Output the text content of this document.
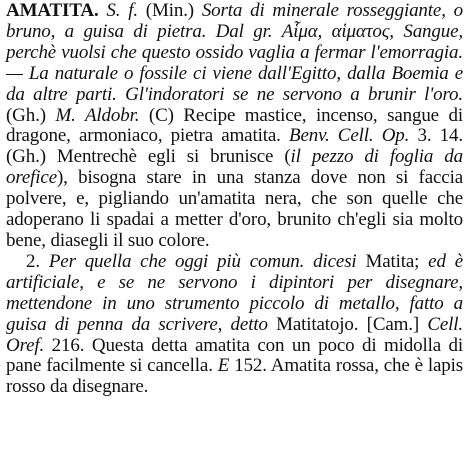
AMATITA. S. f. (Min.) Sorta di minerale rosseggiante, o bruno, a guisa di pietra. Dal gr. Αἷμα, αἱματος, Sangue, perchè vuolsi che questo ossido vaglia a fermar l'emorragia. — La naturale o fossile ci viene dall'Egitto, dalla Boemia e da altre parti. Gl'indoratori se ne servono a brunir l'oro. (Gh.) M. Aldobr. (C) Recipe mastice, incenso, sangue di dragone, armoniaco, pietra amatita. Benv. Cell. Op. 3. 14. (Gh.) Mentrechè egli si brunisce (il pezzo di foglia da orefice), bisogna stare in una stanza dove non si faccia polvere, e, pigliando un'amatita nera, che son quelle che adoperano li spadai a metter d'oro, brunito ch'egli sia molto bene, diasegli il suo colore.

2. Per quella che oggi più comun. dicesi Matita; ed è artificiale, e se ne servono i dipintori per disegnare, mettendone in uno strumento piccolo di metallo, fatto a guisa di penna da scrivere, detto Matitatojo. [Cam.] Cell. Oref. 216. Questa detta amatita con un poco di midolla di pane facilmente si cancella. E 152. Amatita rossa, che è lapis rosso da disegnare.
